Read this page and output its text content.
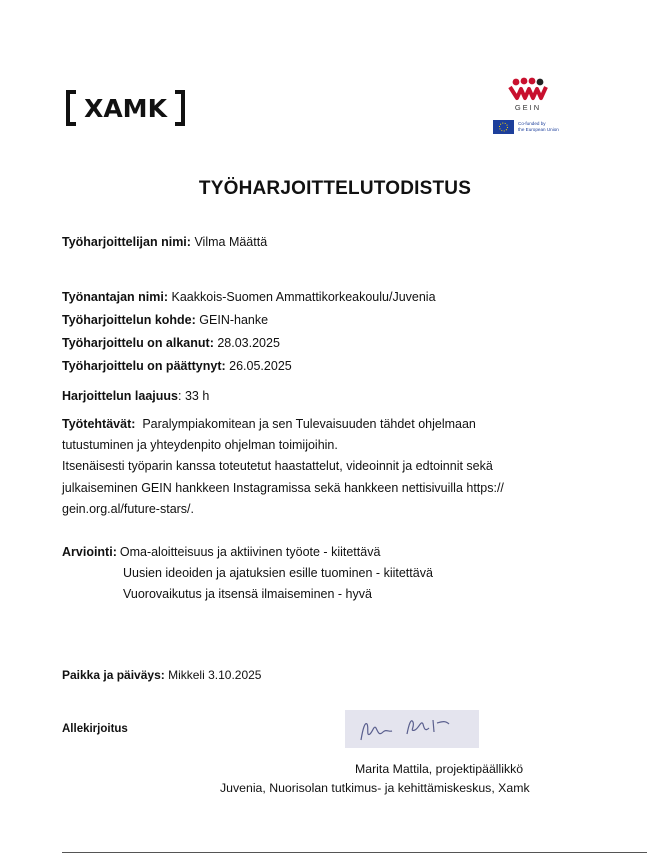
XAMK	GEIN
Co-funded by
the European Union
TYÖHARJOITTELUTODISTUS
Työharjoittelijan nimi: Vilma Määttä
Työnantajan nimi: Kaakkois-Suomen Ammattikorkeakoulu/Juvenia
Työharjoittelun kohde: GEIN-hanke
Työharjoittelu on alkanut: 28.03.2025
Työharjoittelu on päättynyt: 26.05.2025
Harjoittelun laajuus: 33 h
Työtehtävät: Paralympiakomitean ja sen Tulevaisuuden tähdet ohjelmaan tutustuminen ja yhteydenpito ohjelman toimijoihin.
Itsenäisesti työparin kanssa toteutetut haastattelut, videoinnit ja edtoinnit sekä julkaiseminen GEIN hankkeen Instagramissa sekä hankkeen nettisivuilla https:// gein.org.al/future-stars/.
Arviointi: Oma-aloitteisuus ja aktiivinen työote - kiitettävä
Uusien ideoiden ja ajatuksien esille tuominen - kiitettävä
Vuorovaikutus ja itsensä ilmaiseminen - hyvä
Paikka ja päiväys: Mikkeli 3.10.2025
Allekirjoitus
Marita Mattila, projektipäällikkö
Juvenia, Nuorisolan tutkimus- ja kehittämiskeskus, Xamk
